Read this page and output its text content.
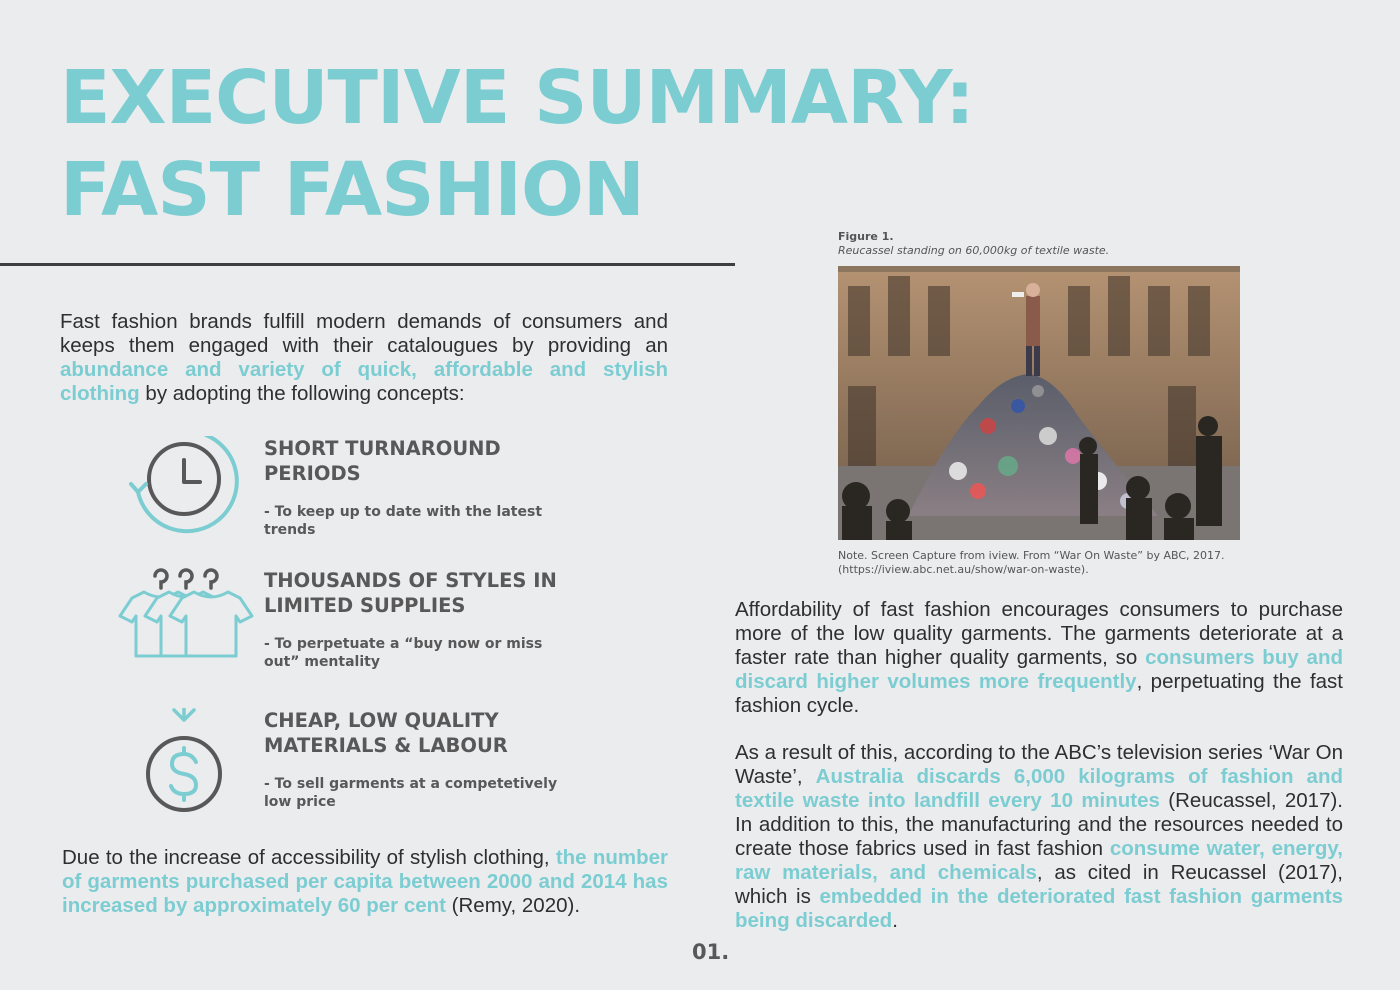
EXECUTIVE SUMMARY:
FAST FASHION

Fast fashion brands fulfill modern demands of consumers and keeps them engaged with their catalougues by providing an abundance and variety of quick, affordable and stylish clothing by adopting the following concepts:

SHORT TURNAROUND PERIODS

- To keep up to date with the latest trends

THOUSANDS OF STYLES IN LIMITED SUPPLIES

- To perpetuate a “buy now or miss out” mentality

CHEAP, LOW QUALITY MATERIALS & LABOUR

- To sell garments at a competetively low price

Due to the increase of accessibility of stylish clothing, the number of garments purchased per capita between 2000 and 2014 has increased by approximately 60 per cent (Remy, 2020).

Figure 1.
Reucassel standing on 60,000kg of textile waste.
Note. Screen Capture from iview. From “War On Waste” by ABC, 2017.
(https://iview.abc.net.au/show/war-on-waste).

Affordability of fast fashion encourages consumers to purchase more of the low quality garments. The garments deteriorate at a faster rate than higher quality garments, so consumers buy and discard higher volumes more frequently, perpetuating the fast fashion cycle.

As a result of this, according to the ABC’s television series ‘War On Waste’, Australia discards 6,000 kilograms of fashion and textile waste into landfill every 10 minutes (Reucassel, 2017). In addition to this, the manufacturing and the resources needed to create those fabrics used in fast fashion consume water, energy, raw materials, and chemicals, as cited in Reucassel (2017), which is embedded in the deteriorated fast fashion garments being discarded.

01.
